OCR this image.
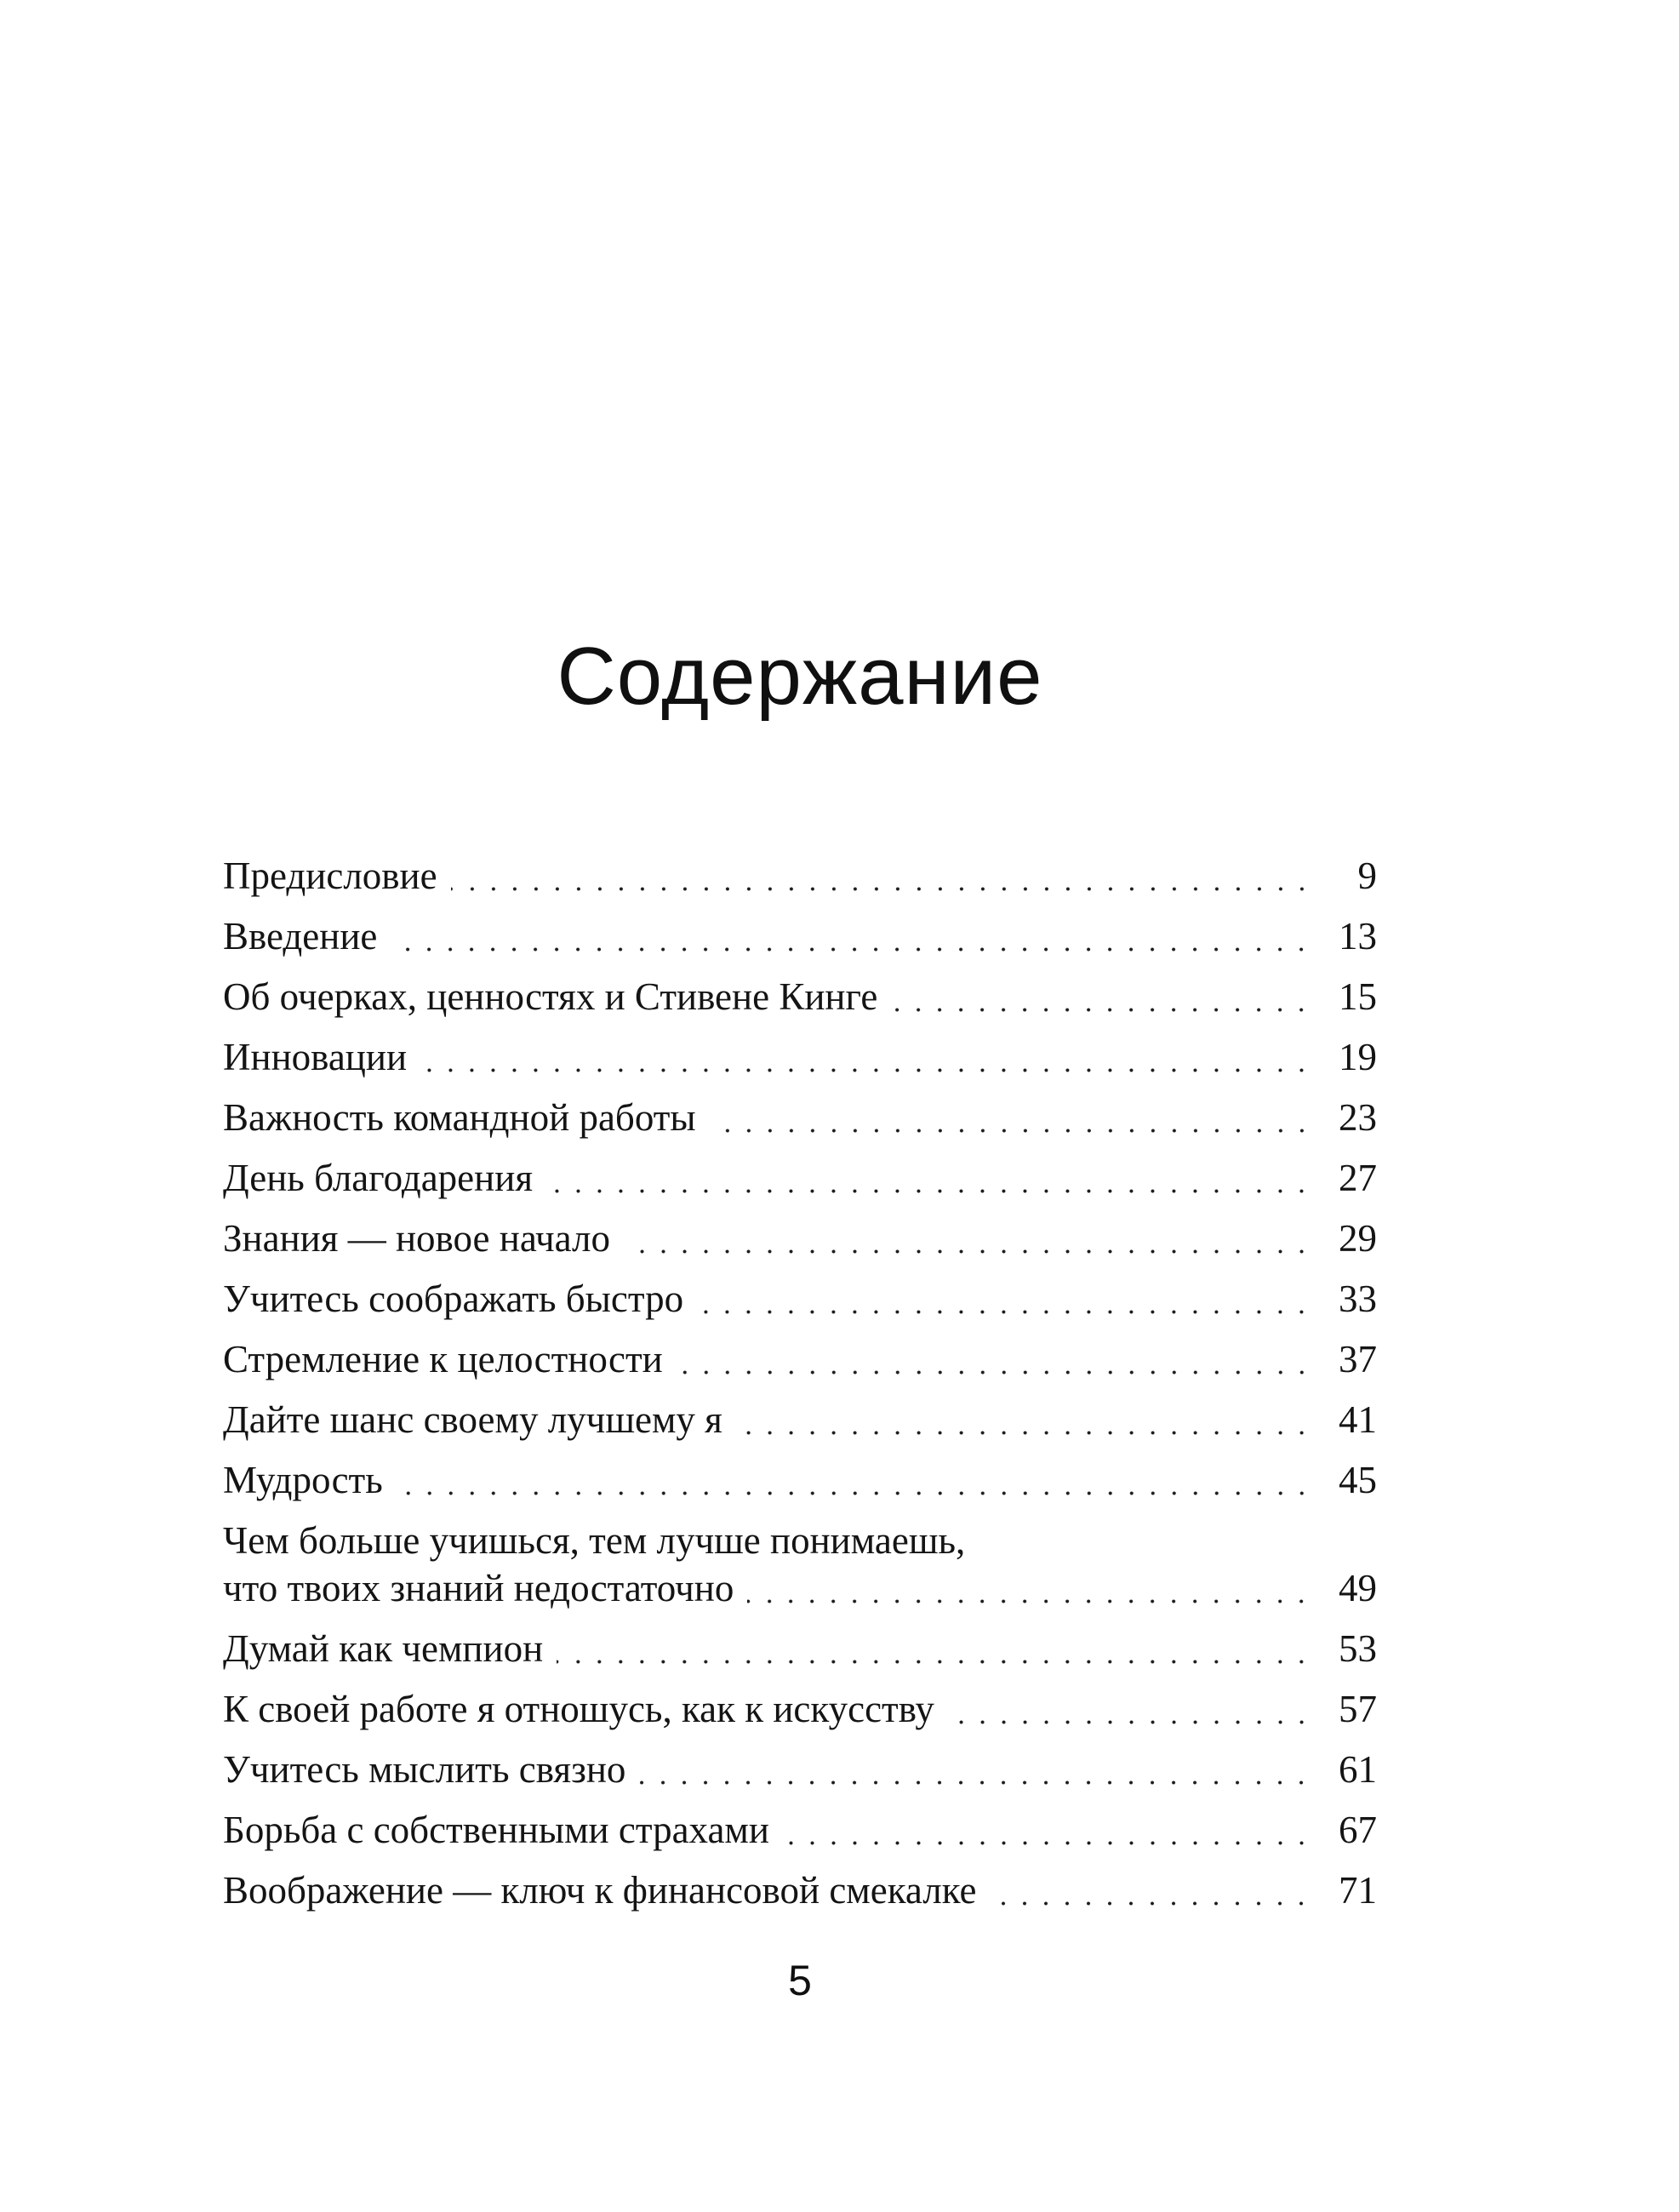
Содержание
Предисловие	9
Введение	13
Об очерках, ценностях и Стивене Кинге	15
Инновации	19
Важность командной работы	23
День благодарения	27
Знания — новое начало	29
Учитесь соображать быстро	33
Стремление к целостности	37
Дайте шанс своему лучшему я	41
Мудрость	45
Чем больше учишься, тем лучше понимаешь,
что твоих знаний недостаточно	49
Думай как чемпион	53
К своей работе я отношусь, как к искусству	57
Учитесь мыслить связно	61
Борьба с собственными страхами	67
Воображение — ключ к финансовой смекалке	71
5
